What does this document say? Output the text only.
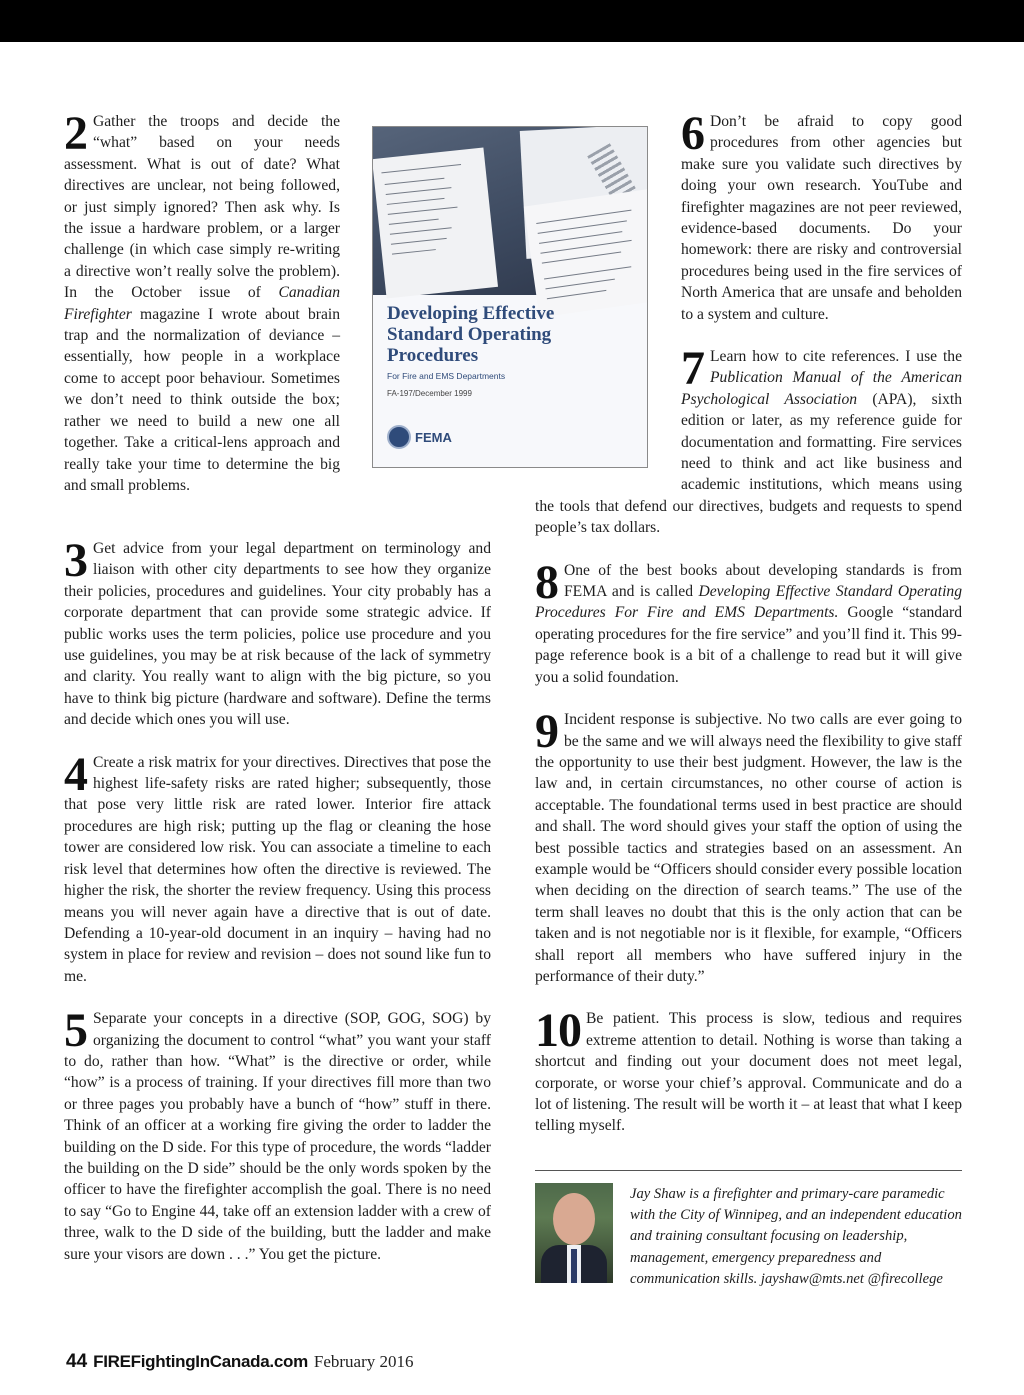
2 Gather the troops and decide the “what” based on your needs assessment. What is out of date? What directives are unclear, not being followed, or just simply ignored? Then ask why. Is the issue a hardware problem, or a larger challenge (in which case simply re-writing a directive won’t really solve the problem). In the October issue of Canadian Firefighter magazine I wrote about brain trap and the normalization of deviance – essentially, how people in a workplace come to accept poor behaviour. Sometimes we don’t need to think outside the box; rather we need to build a new one all together. Take a critical-lens approach and really take your time to determine the big and small problems.
Developing Effective
Standard Operating
Procedures
For Fire and EMS Departments
FA-197/December 1999
FEMA
3 Get advice from your legal department on terminology and liaison with other city departments to see how they organize their policies, procedures and guidelines. Your city probably has a corporate department that can provide some strategic advice. If public works uses the term policies, police use procedure and you use guidelines, you may be at risk because of the lack of symmetry and clarity. You really want to align with the big picture, so you have to think big picture (hardware and software). Define the terms and decide which ones you will use.
4 Create a risk matrix for your directives. Directives that pose the highest life-safety risks are rated higher; subsequently, those that pose very little risk are rated lower. Interior fire attack procedures are high risk; putting up the flag or cleaning the hose tower are considered low risk. You can associate a timeline to each risk level that determines how often the directive is reviewed. The higher the risk, the shorter the review frequency. Using this process means you will never again have a directive that is out of date. Defending a 10-year-old document in an inquiry – having had no system in place for review and revision – does not sound like fun to me.
5 Separate your concepts in a directive (SOP, GOG, SOG) by organizing the document to control “what” you want your staff to do, rather than how. “What” is the directive or order, while “how” is a process of training. If your directives fill more than two or three pages you probably have a bunch of “how” stuff in there. Think of an officer at a working fire giving the order to ladder the building on the D side. For this type of procedure, the words “ladder the building on the D side” should be the only words spoken by the officer to have the firefighter accomplish the goal. There is no need to say “Go to Engine 44, take off an extension ladder with a crew of three, walk to the D side of the building, butt the ladder and make sure your visors are down . . .” You get the picture.
6 Don’t be afraid to copy good procedures from other agencies but make sure you validate such directives by doing your own research. YouTube and firefighter magazines are not peer reviewed, evidence-based documents. Do your homework: there are risky and controversial procedures being used in the fire services of North America that are unsafe and beholden to a system and culture.
7 Learn how to cite references. I use the Publication Manual of the American Psychological Association (APA), sixth edition or later, as my reference guide for documentation and formatting. Fire services need to think and act like business and academic institutions, which means using the tools that defend our directives, budgets and requests to spend people’s tax dollars.
8 One of the best books about developing standards is from FEMA and is called Developing Effective Standard Operating Procedures For Fire and EMS Departments. Google “standard operating procedures for the fire service” and you’ll find it. This 99-page reference book is a bit of a challenge to read but it will give you a solid foundation.
9 Incident response is subjective. No two calls are ever going to be the same and we will always need the flexibility to give staff the opportunity to use their best judgment. However, the law is the law and, in certain circumstances, no other course of action is acceptable. The foundational terms used in best practice are should and shall. The word should gives your staff the option of using the best possible tactics and strategies based on an assessment. An example would be “Officers should consider every possible location when deciding on the direction of search teams.” The use of the term shall leaves no doubt that this is the only action that can be taken and is not negotiable nor is it flexible, for example, “Officers shall report all members who have suffered injury in the performance of their duty.”
10 Be patient. This process is slow, tedious and requires extreme attention to detail. Nothing is worse than taking a shortcut and finding out your document does not meet legal, corporate, or worse your chief’s approval. Communicate and do a lot of listening. The result will be worth it – at least that what I keep telling myself.
Jay Shaw is a firefighter and primary-care paramedic with the City of Winnipeg, and an independent education and training consultant focusing on leadership, management, emergency preparedness and communication skills. jayshaw@mts.net @firecollege
44 FIREFightingInCanada.com February 2016
